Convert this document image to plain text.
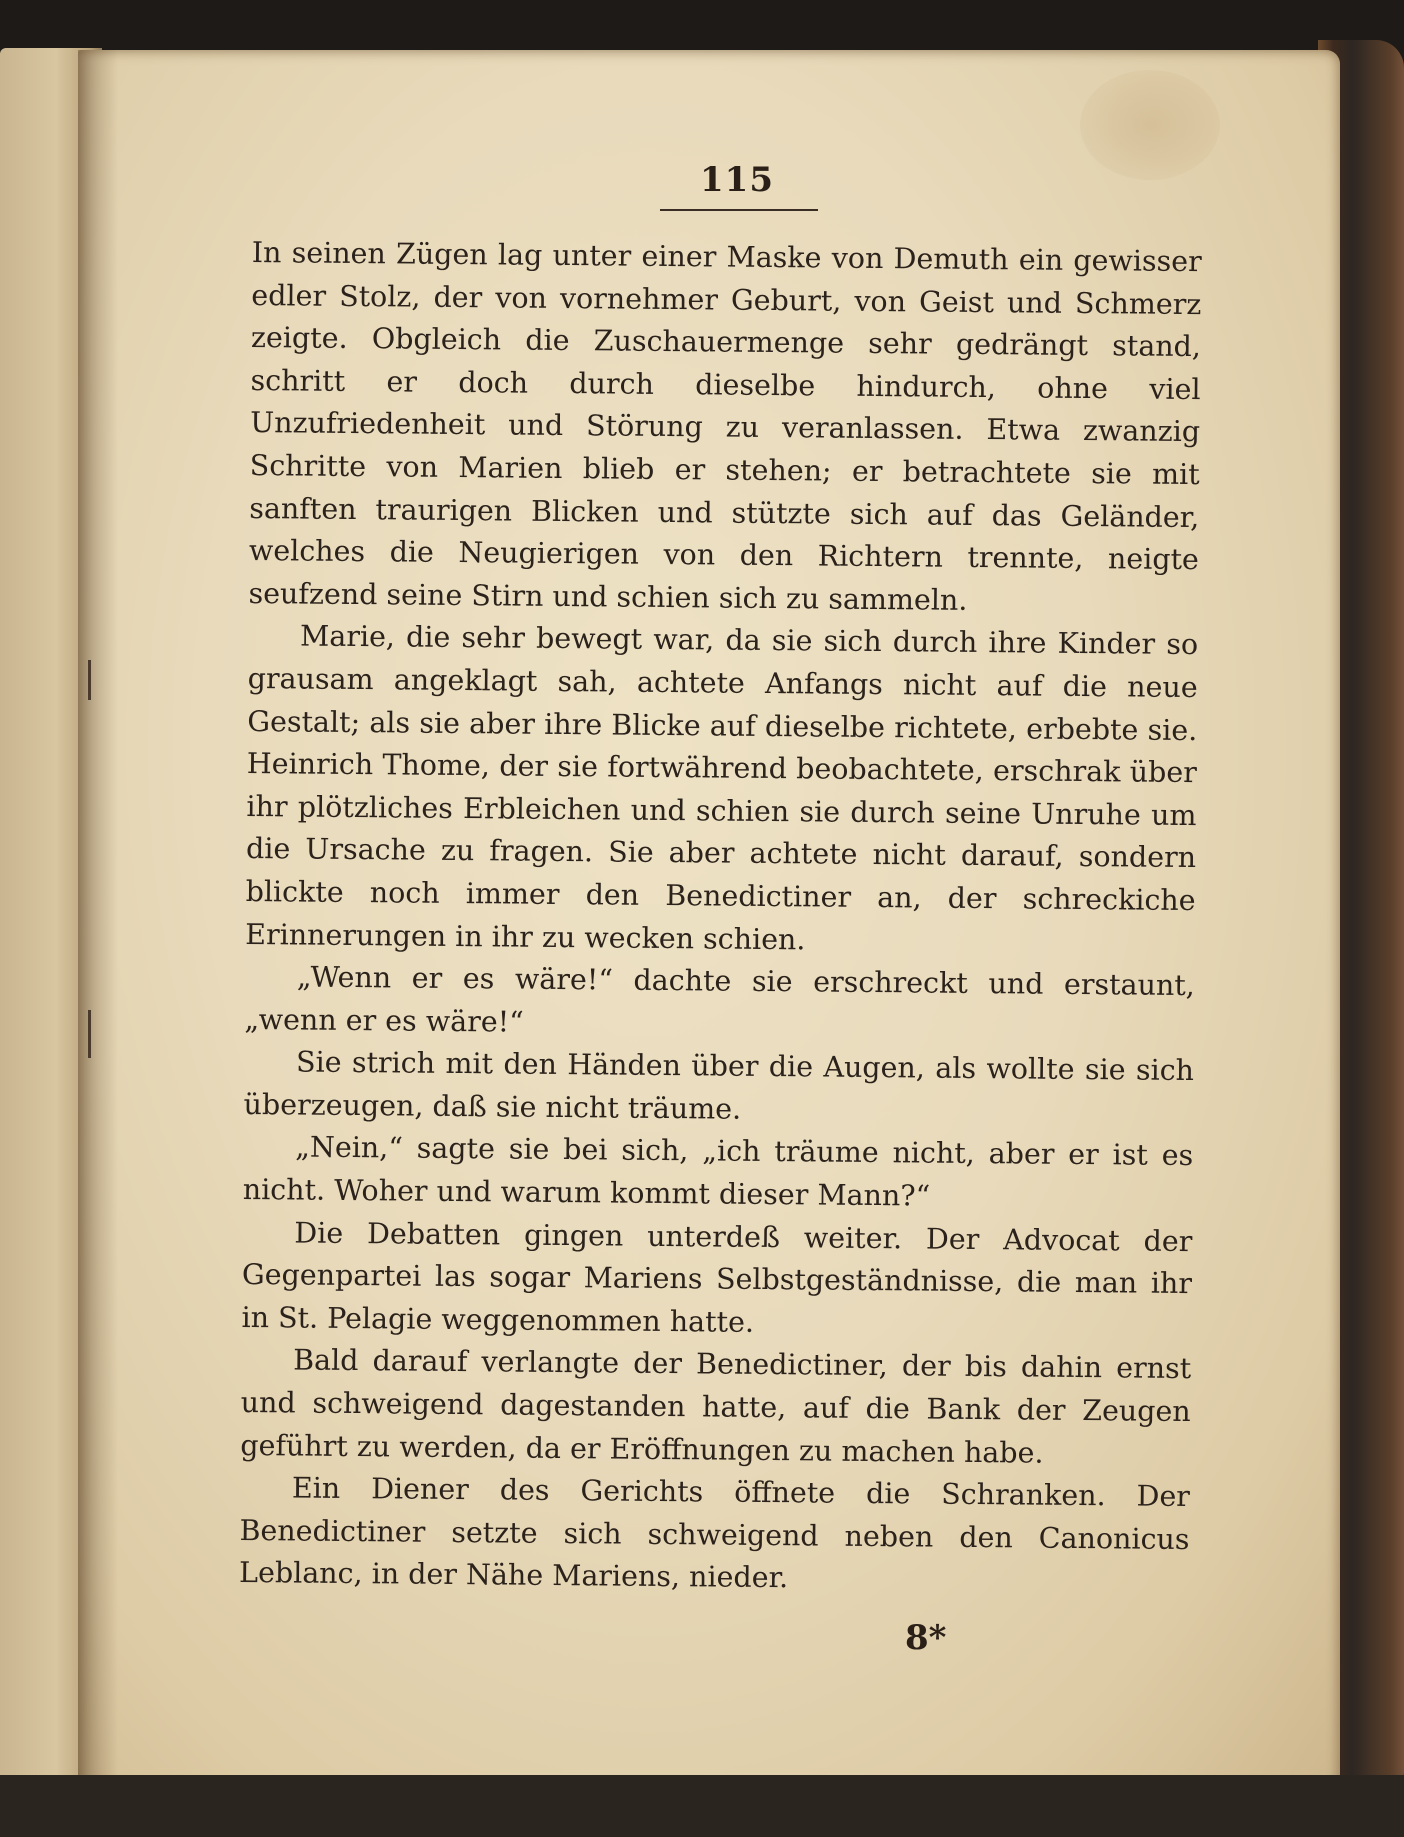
115

In seinen Zügen lag unter einer Maske von Demuth ein gewisser edler Stolz, der von vornehmer Geburt, von Geist und Schmerz zeigte. Obgleich die Zuschauermenge sehr gedrängt stand, schritt er doch durch dieselbe hindurch, ohne viel Unzufriedenheit und Störung zu veranlassen. Etwa zwanzig Schritte von Marien blieb er stehen; er betrachtete sie mit sanften traurigen Blicken und stützte sich auf das Geländer, welches die Neugierigen von den Richtern trennte, neigte seufzend seine Stirn und schien sich zu sammeln.

Marie, die sehr bewegt war, da sie sich durch ihre Kinder so grausam angeklagt sah, achtete Anfangs nicht auf die neue Gestalt; als sie aber ihre Blicke auf dieselbe richtete, erbebte sie. Heinrich Thome, der sie fortwährend beobachtete, erschrak über ihr plötzliches Erbleichen und schien sie durch seine Unruhe um die Ursache zu fragen. Sie aber achtete nicht darauf, sondern blickte noch immer den Benedictiner an, der schreckiche Erinnerungen in ihr zu wecken schien.

„Wenn er es wäre!“ dachte sie erschreckt und erstaunt, „wenn er es wäre!“

Sie strich mit den Händen über die Augen, als wollte sie sich überzeugen, daß sie nicht träume.

„Nein,“ sagte sie bei sich, „ich träume nicht, aber er ist es nicht. Woher und warum kommt dieser Mann?“

Die Debatten gingen unterdeß weiter. Der Advocat der Gegenpartei las sogar Mariens Selbstgeständnisse, die man ihr in St. Pelagie weggenommen hatte.

Bald darauf verlangte der Benedictiner, der bis dahin ernst und schweigend dagestanden hatte, auf die Bank der Zeugen geführt zu werden, da er Eröffnungen zu machen habe.

Ein Diener des Gerichts öffnete die Schranken. Der Benedictiner setzte sich schweigend neben den Canonicus Leblanc, in der Nähe Mariens, nieder.

8*
